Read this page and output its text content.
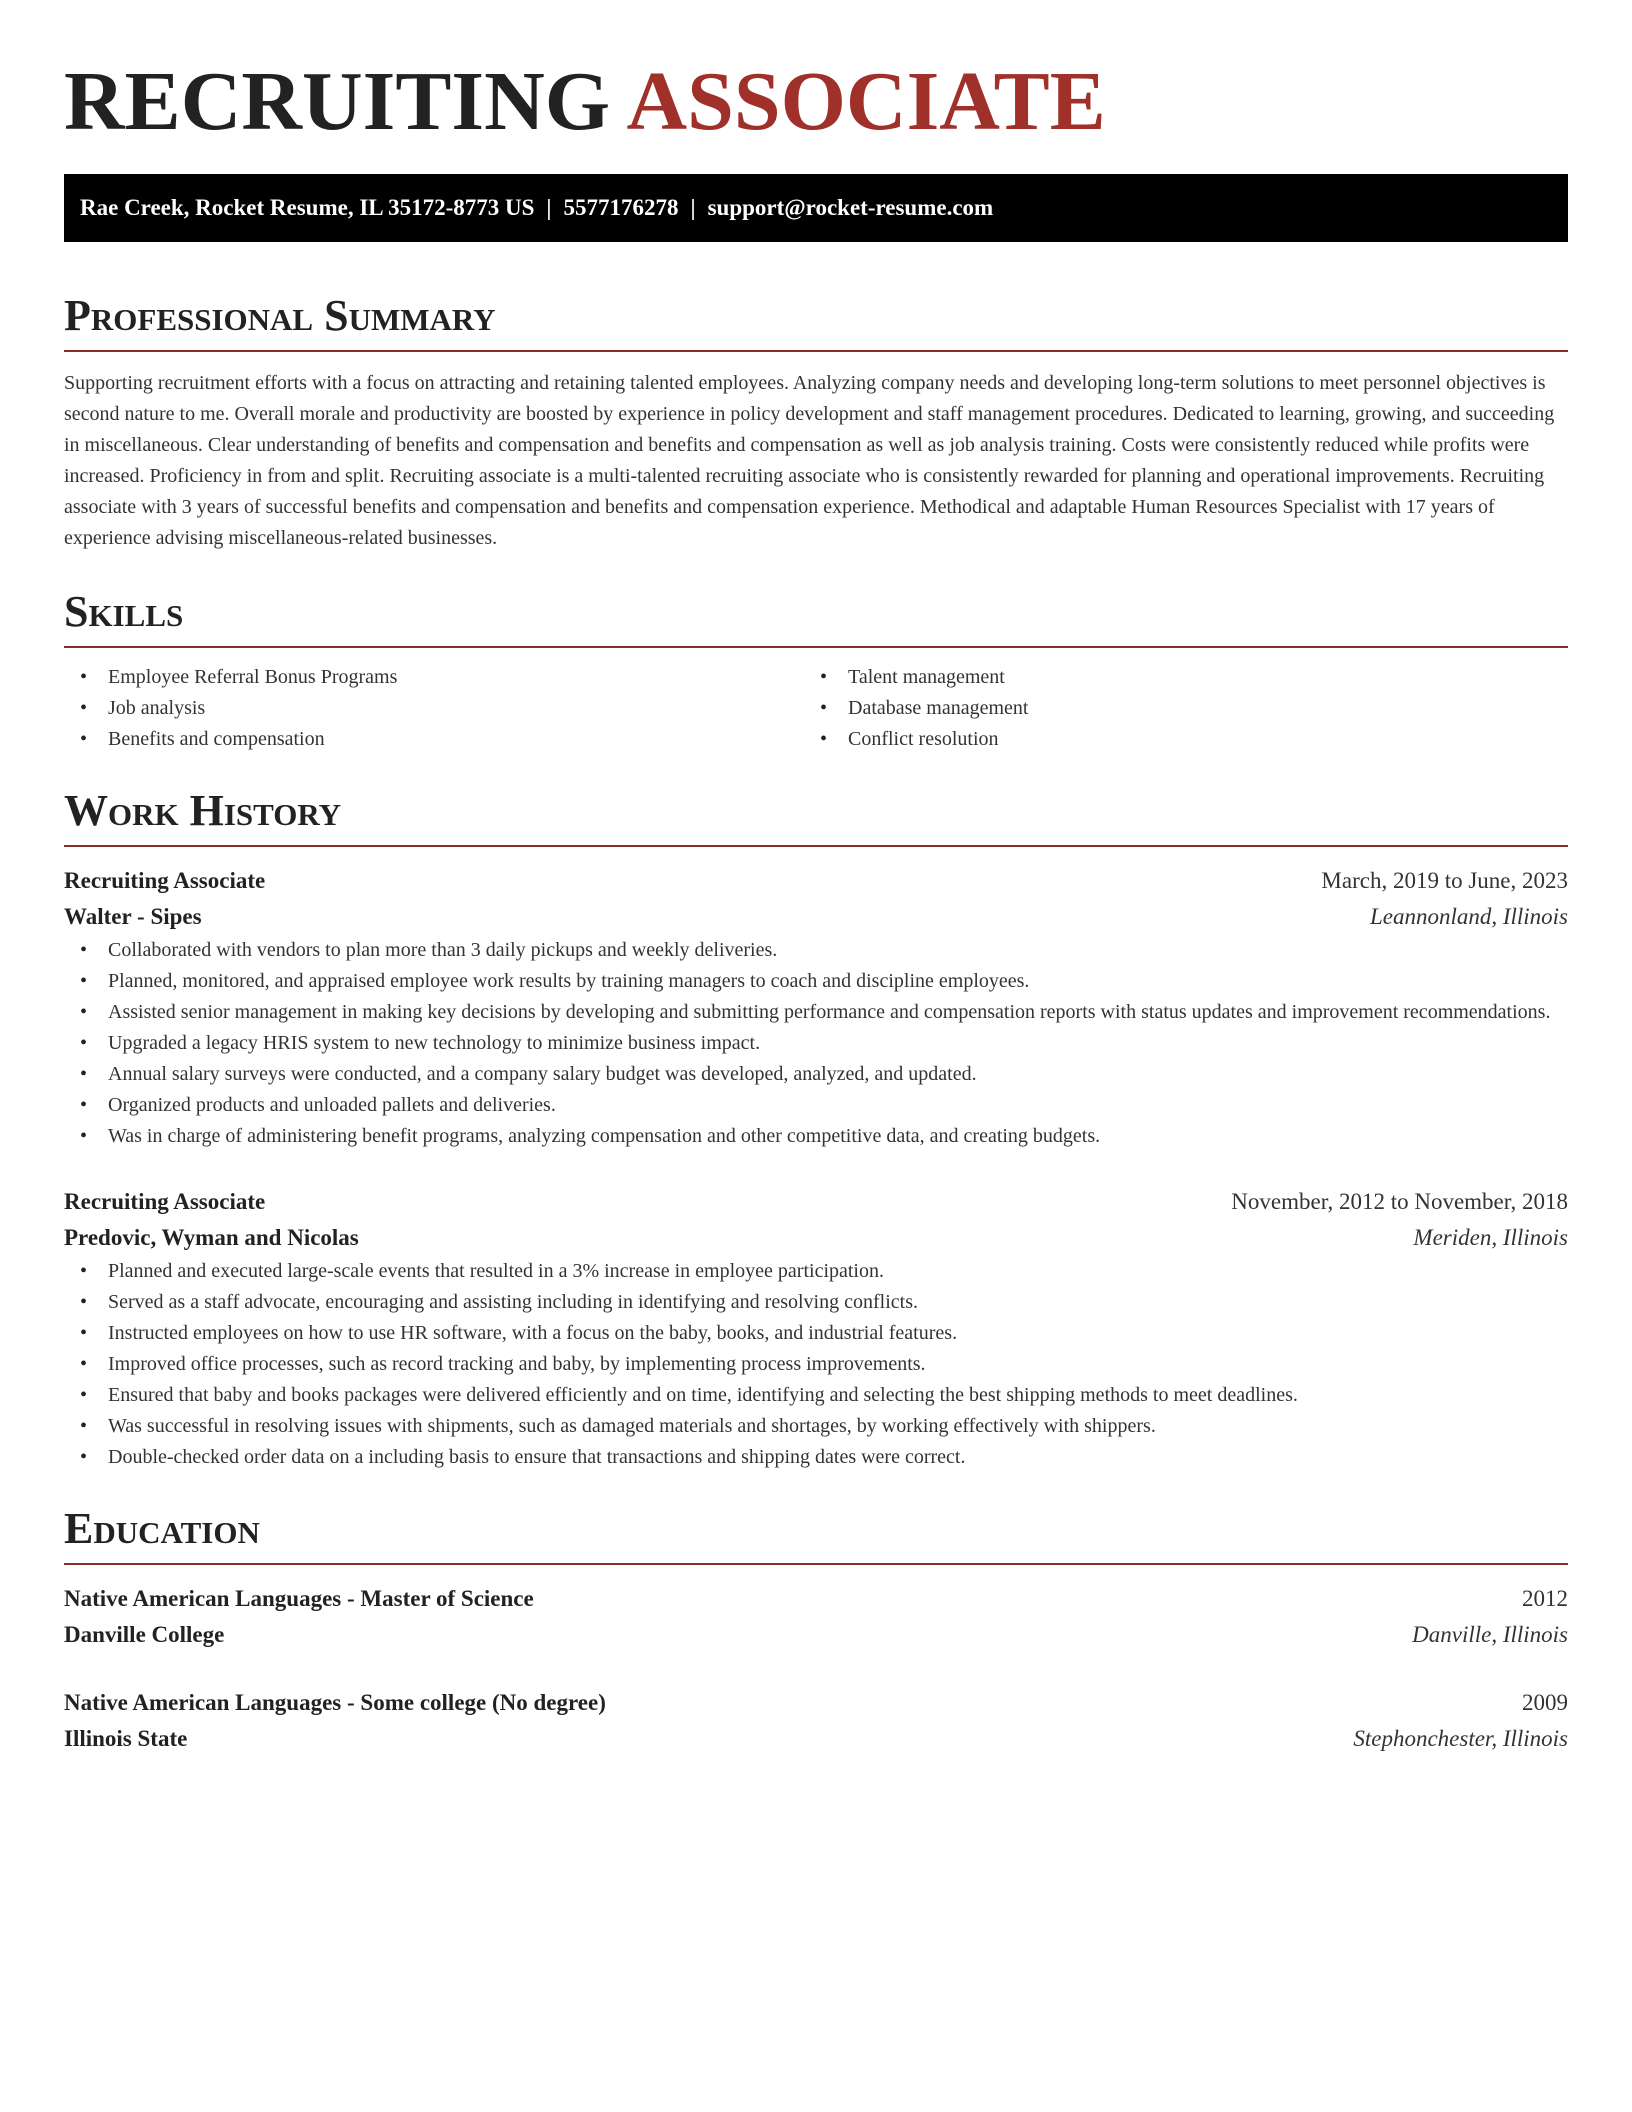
RECRUITING ASSOCIATE
Rae Creek, Rocket Resume, IL 35172-8773 US | 5577176278 | support@rocket-resume.com
Professional Summary

Supporting recruitment efforts with a focus on attracting and retaining talented employees. Analyzing company needs and developing long-term solutions to meet personnel objectives is second nature to me. Overall morale and productivity are boosted by experience in policy development and staff management procedures. Dedicated to learning, growing, and succeeding in miscellaneous. Clear understanding of benefits and compensation and benefits and compensation as well as job analysis training. Costs were consistently reduced while profits were increased. Proficiency in from and split. Recruiting associate is a multi-talented recruiting associate who is consistently rewarded for planning and operational improvements. Recruiting associate with 3 years of successful benefits and compensation and benefits and compensation experience. Methodical and adaptable Human Resources Specialist with 17 years of experience advising miscellaneous-related businesses.

Skills
• Employee Referral Bonus Programs
• Job analysis
• Benefits and compensation
• Talent management
• Database management
• Conflict resolution
Work History
Recruiting Associate	March, 2019 to June, 2023
Walter - Sipes	Leannonland, Illinois
• Collaborated with vendors to plan more than 3 daily pickups and weekly deliveries.
• Planned, monitored, and appraised employee work results by training managers to coach and discipline employees.
• Assisted senior management in making key decisions by developing and submitting performance and compensation reports with status updates and improvement recommendations.
• Upgraded a legacy HRIS system to new technology to minimize business impact.
• Annual salary surveys were conducted, and a company salary budget was developed, analyzed, and updated.
• Organized products and unloaded pallets and deliveries.
• Was in charge of administering benefit programs, analyzing compensation and other competitive data, and creating budgets.
Recruiting Associate	November, 2012 to November, 2018
Predovic, Wyman and Nicolas	Meriden, Illinois
• Planned and executed large-scale events that resulted in a 3% increase in employee participation.
• Served as a staff advocate, encouraging and assisting including in identifying and resolving conflicts.
• Instructed employees on how to use HR software, with a focus on the baby, books, and industrial features.
• Improved office processes, such as record tracking and baby, by implementing process improvements.
• Ensured that baby and books packages were delivered efficiently and on time, identifying and selecting the best shipping methods to meet deadlines.
• Was successful in resolving issues with shipments, such as damaged materials and shortages, by working effectively with shippers.
• Double-checked order data on a including basis to ensure that transactions and shipping dates were correct.
Education
Native American Languages - Master of Science	2012
Danville College	Danville, Illinois
Native American Languages - Some college (No degree)	2009
Illinois State	Stephonchester, Illinois
